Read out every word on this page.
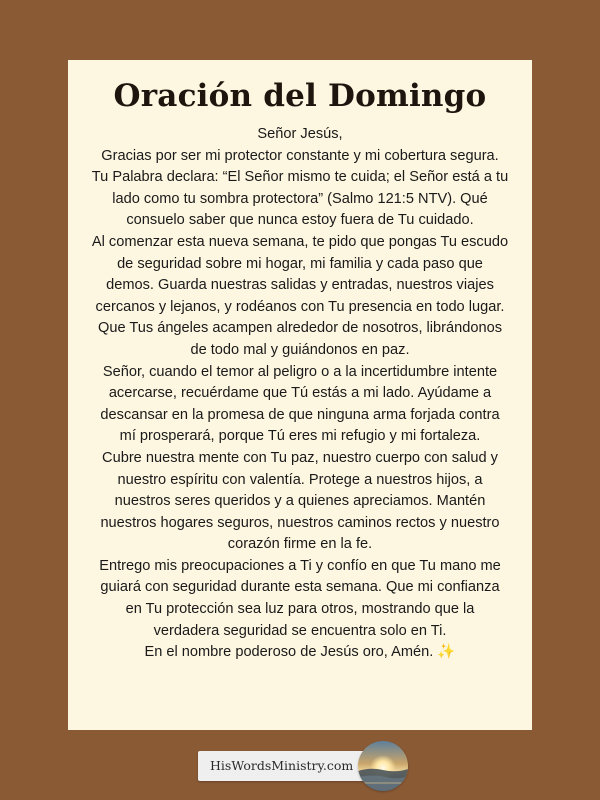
Oración del Domingo
Señor Jesús,
Gracias por ser mi protector constante y mi cobertura segura.
Tu Palabra declara: “El Señor mismo te cuida; el Señor está a tu
lado como tu sombra protectora” (Salmo 121:5 NTV). Qué
consuelo saber que nunca estoy fuera de Tu cuidado.
Al comenzar esta nueva semana, te pido que pongas Tu escudo
de seguridad sobre mi hogar, mi familia y cada paso que
demos. Guarda nuestras salidas y entradas, nuestros viajes
cercanos y lejanos, y rodéanos con Tu presencia en todo lugar.
Que Tus ángeles acampen alrededor de nosotros, librándonos
de todo mal y guiándonos en paz.
Señor, cuando el temor al peligro o a la incertidumbre intente
acercarse, recuérdame que Tú estás a mi lado. Ayúdame a
descansar en la promesa de que ninguna arma forjada contra
mí prosperará, porque Tú eres mi refugio y mi fortaleza.
Cubre nuestra mente con Tu paz, nuestro cuerpo con salud y
nuestro espíritu con valentía. Protege a nuestros hijos, a
nuestros seres queridos y a quienes apreciamos. Mantén
nuestros hogares seguros, nuestros caminos rectos y nuestro
corazón firme en la fe.
Entrego mis preocupaciones a Ti y confío en que Tu mano me
guiará con seguridad durante esta semana. Que mi confianza
en Tu protección sea luz para otros, mostrando que la
verdadera seguridad se encuentra solo en Ti.
En el nombre poderoso de Jesús oro, Amén. ✨
HisWordsMinistry.com
